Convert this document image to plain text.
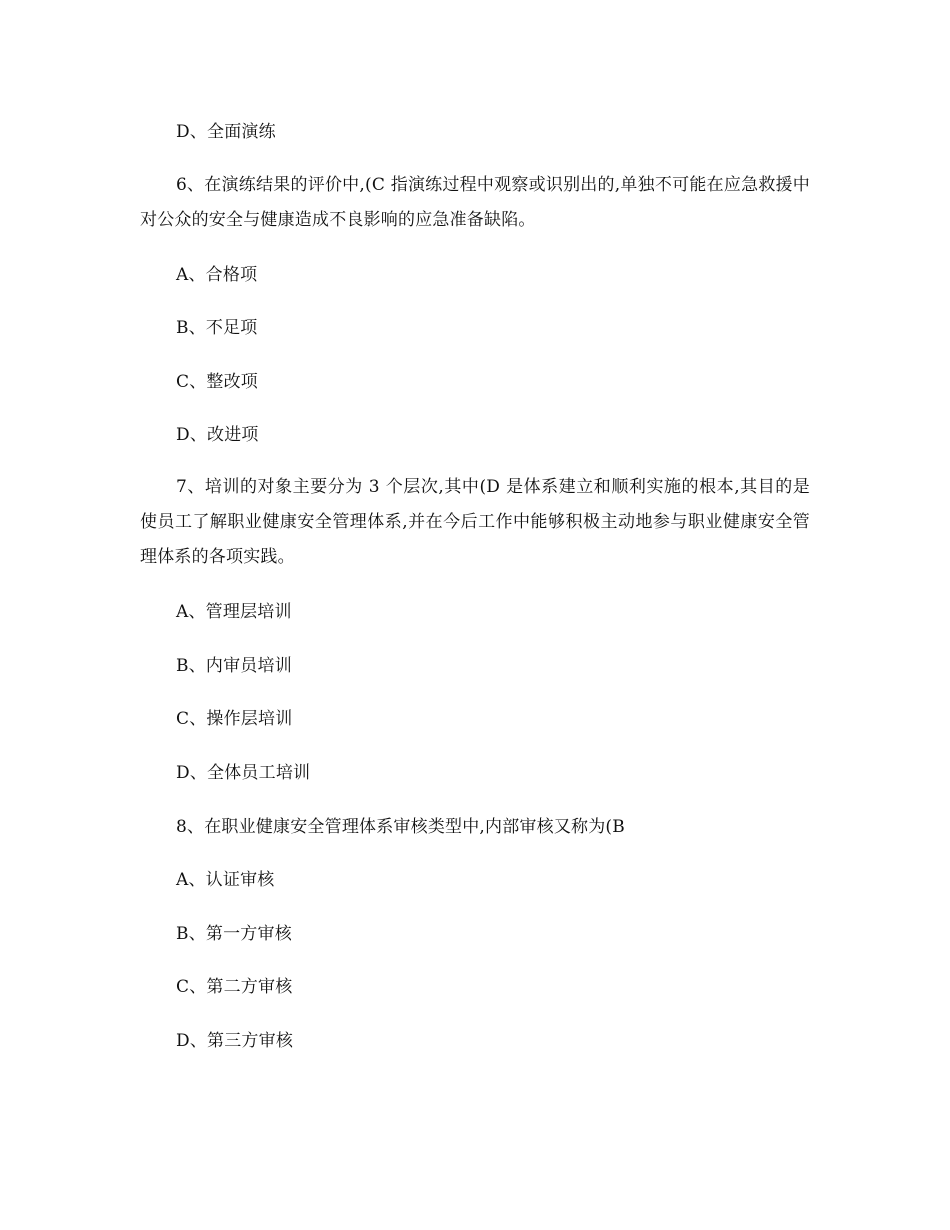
D、全面演练
6、在演练结果的评价中,(C 指演练过程中观察或识别出的,单独不可能在应急救援中对公众的安全与健康造成不良影响的应急准备缺陷。
A、合格项
B、不足项
C、整改项
D、改进项
7、培训的对象主要分为 3 个层次,其中(D 是体系建立和顺利实施的根本,其目的是使员工了解职业健康安全管理体系,并在今后工作中能够积极主动地参与职业健康安全管理体系的各项实践。
A、管理层培训
B、内审员培训
C、操作层培训
D、全体员工培训
8、在职业健康安全管理体系审核类型中,内部审核又称为(B
A、认证审核
B、第一方审核
C、第二方审核
D、第三方审核
